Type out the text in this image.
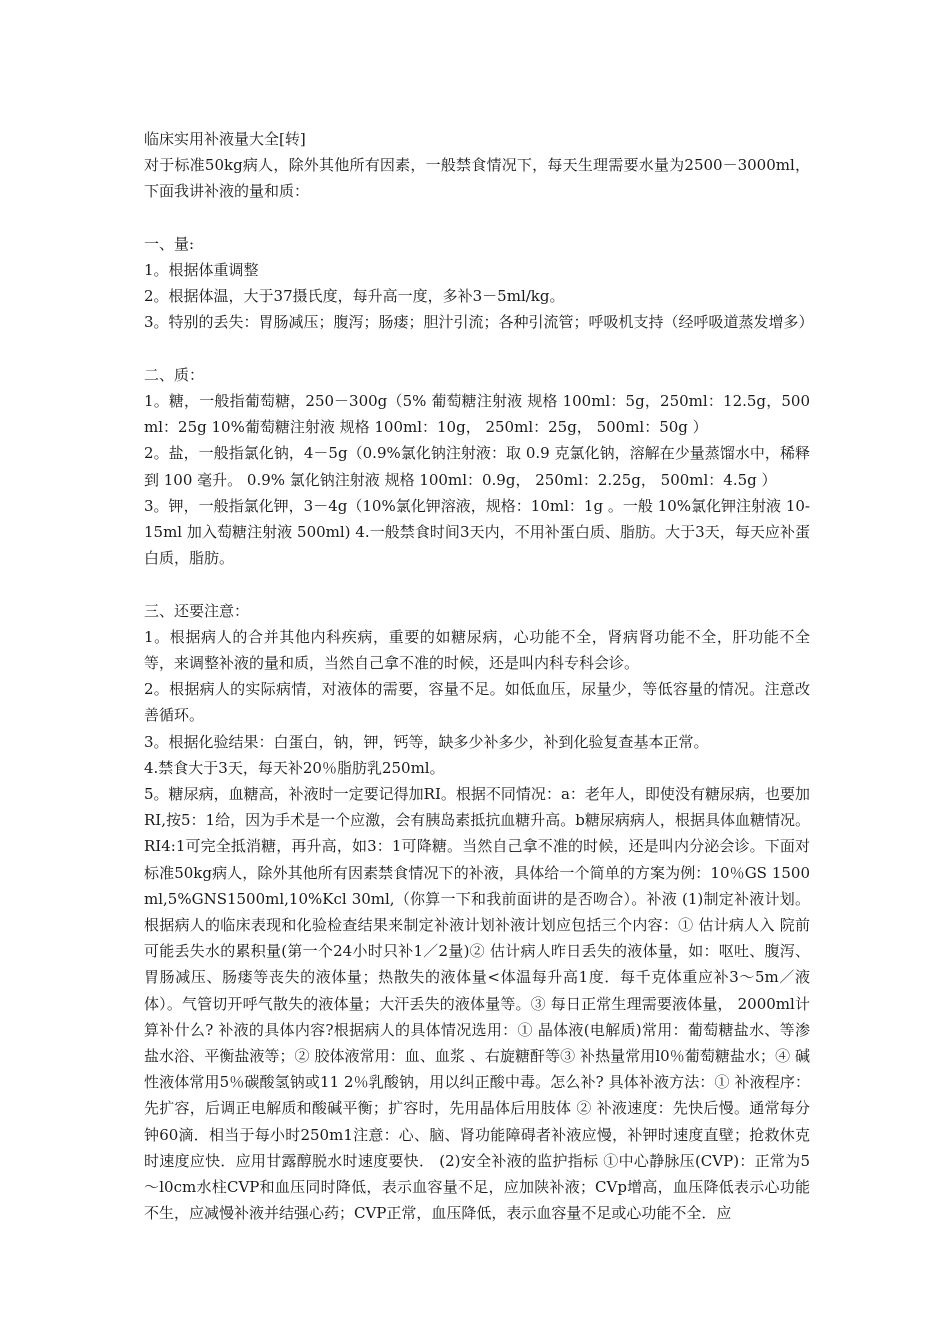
临床实用补液量大全[转]
对于标准50kg病人，除外其他所有因素，一般禁食情况下，每天生理需要水量为2500－3000ml，下面我讲补液的量和质：
一、量:
1。根据体重调整
2。根据体温，大于37摄氏度，每升高一度，多补3－5ml/kg。
3。特别的丢失：胃肠减压；腹泻；肠瘘；胆汁引流；各种引流管；呼吸机支持（经呼吸道蒸发增多）
二、质：
1。糖，一般指葡萄糖，250－300g（5% 葡萄糖注射液 规格 100ml：5g，250ml：12.5g，500ml：25g 10%葡萄糖注射液 规格 100ml：10g， 250ml：25g， 500ml：50g ）
2。盐，一般指氯化钠，4－5g（0.9%氯化钠注射液：取 0.9 克氯化钠，溶解在少量蒸馏水中，稀释到 100 毫升。 0.9% 氯化钠注射液 规格 100ml：0.9g， 250ml：2.25g， 500ml：4.5g ）
3。钾，一般指氯化钾，3－4g（10%氯化钾溶液，规格：10ml：1g 。一般 10%氯化钾注射液 10-15ml 加入萄糖注射液 500ml) 4.一般禁食时间3天内，不用补蛋白质、脂肪。大于3天，每天应补蛋白质，脂肪。
三、还要注意：
1。根据病人的合并其他内科疾病，重要的如糖尿病，心功能不全，肾病肾功能不全，肝功能不全等，来调整补液的量和质，当然自己拿不准的时候，还是叫内科专科会诊。
2。根据病人的实际病情，对液体的需要，容量不足。如低血压，尿量少，等低容量的情况。注意改善循环。
3。根据化验结果：白蛋白，钠，钾，钙等，缺多少补多少，补到化验复查基本正常。
4.禁食大于3天，每天补20％脂肪乳250ml。
5。糖尿病，血糖高，补液时一定要记得加RI。根据不同情况：a：老年人，即使没有糖尿病，也要加RI,按5：1给，因为手术是一个应激，会有胰岛素抵抗血糖升高。b糖尿病病人，根据具体血糖情况。RI4:1可完全抵消糖，再升高，如3：1可降糖。当然自己拿不准的时候，还是叫内分泌会诊。下面对标准50kg病人，除外其他所有因素禁食情况下的补液，具体给一个简单的方案为例：10％GS 1500ml,5%GNS1500ml,10%Kcl 30ml,（你算一下和我前面讲的是否吻合）。补液 (1)制定补液计划。根据病人的临床表现和化验检查结果来制定补液计划补液计划应包括三个内容：① 估计病人入 院前可能丢失水的累积量(第一个24小时只补1／2量)② 估计病人昨日丢失的液体量，如：呕吐、腹泻、胃肠减压、肠瘘等丧失的液体量；热散失的液体量<体温每升高1度．每千克体重应补3～5m／液体）。气管切开呼气散失的液体量；大汗丢失的液体量等。③ 每日正常生理需要液体量， 2000ml计算补什么? 补液的具体内容?根据病人的具体情况选用：① 晶体液(电解质)常用：葡萄糖盐水、等渗盐水浴、平衡盐液等；② 胶体液常用：血、血浆 、右旋糖酐等③ 补热量常用l0％葡萄糖盐水；④ 碱性液体常用5％碳酸氢钠或11 2％乳酸钠，用以纠正酸中毒。怎么补? 具体补液方法：① 补液程序：先扩容，后调正电解质和酸碱平衡；扩容时，先用晶体后用肢体 ② 补液速度：先快后慢。通常每分钟60滴．相当于每小时250m1注意：心、脑、肾功能障碍者补液应慢，补钾时速度直壁；抢救休克时速度应快．应用甘露醇脱水时速度要快． (2)安全补液的监护指标 ①中心静脉压(CVP)：正常为5～l0cm水柱CVP和血压同时降低，表示血容量不足，应加陕补液；CVp增高，血压降低表示心功能不生，应减慢补液并结强心药；CVP正常，血压降低，表示血容量不足或心功能不全．应
